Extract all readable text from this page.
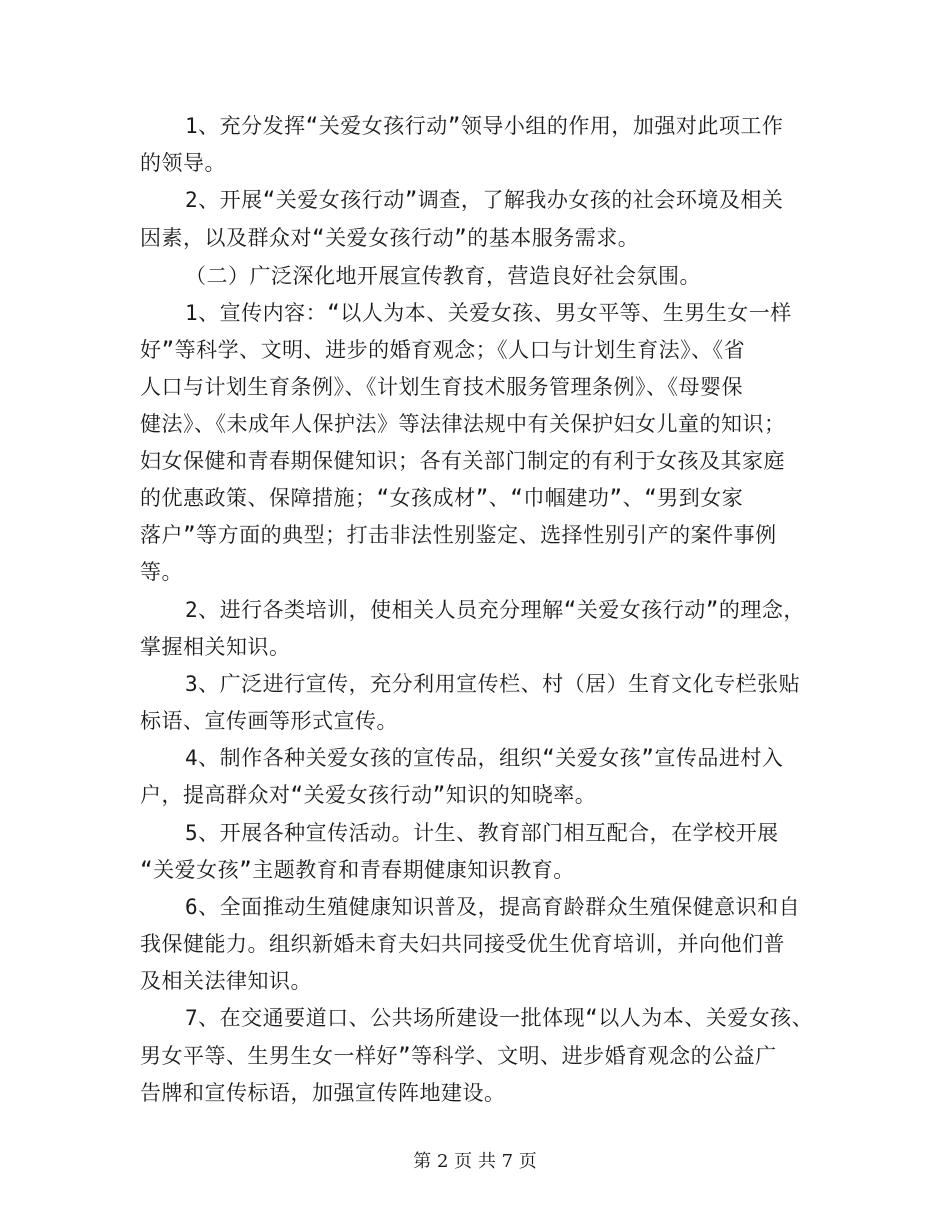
1、充分发挥“关爱女孩行动”领导小组的作用，加强对此项工作
的领导。
2、开展“关爱女孩行动”调查，了解我办女孩的社会环境及相关
因素，以及群众对“关爱女孩行动”的基本服务需求。
（二）广泛深化地开展宣传教育，营造良好社会氛围。
1、宣传内容：“以人为本、关爱女孩、男女平等、生男生女一样
好”等科学、文明、进步的婚育观念；《人口与计划生育法》、《省
人口与计划生育条例》、《计划生育技术服务管理条例》、《母婴保
健法》、《未成年人保护法》等法律法规中有关保护妇女儿童的知识；
妇女保健和青春期保健知识；各有关部门制定的有利于女孩及其家庭
的优惠政策、保障措施；“女孩成材”、“巾帼建功”、“男到女家
落户”等方面的典型；打击非法性别鉴定、选择性别引产的案件事例
等。
2、进行各类培训，使相关人员充分理解“关爱女孩行动”的理念，
掌握相关知识。
3、广泛进行宣传，充分利用宣传栏、村（居）生育文化专栏张贴
标语、宣传画等形式宣传。
4、制作各种关爱女孩的宣传品，组织“关爱女孩”宣传品进村入
户，提高群众对“关爱女孩行动”知识的知晓率。
5、开展各种宣传活动。计生、教育部门相互配合，在学校开展
“关爱女孩”主题教育和青春期健康知识教育。
6、全面推动生殖健康知识普及，提高育龄群众生殖保健意识和自
我保健能力。组织新婚未育夫妇共同接受优生优育培训，并向他们普
及相关法律知识。
7、在交通要道口、公共场所建设一批体现“以人为本、关爱女孩、
男女平等、生男生女一样好”等科学、文明、进步婚育观念的公益广
告牌和宣传标语，加强宣传阵地建设。
第 2 页 共 7 页
